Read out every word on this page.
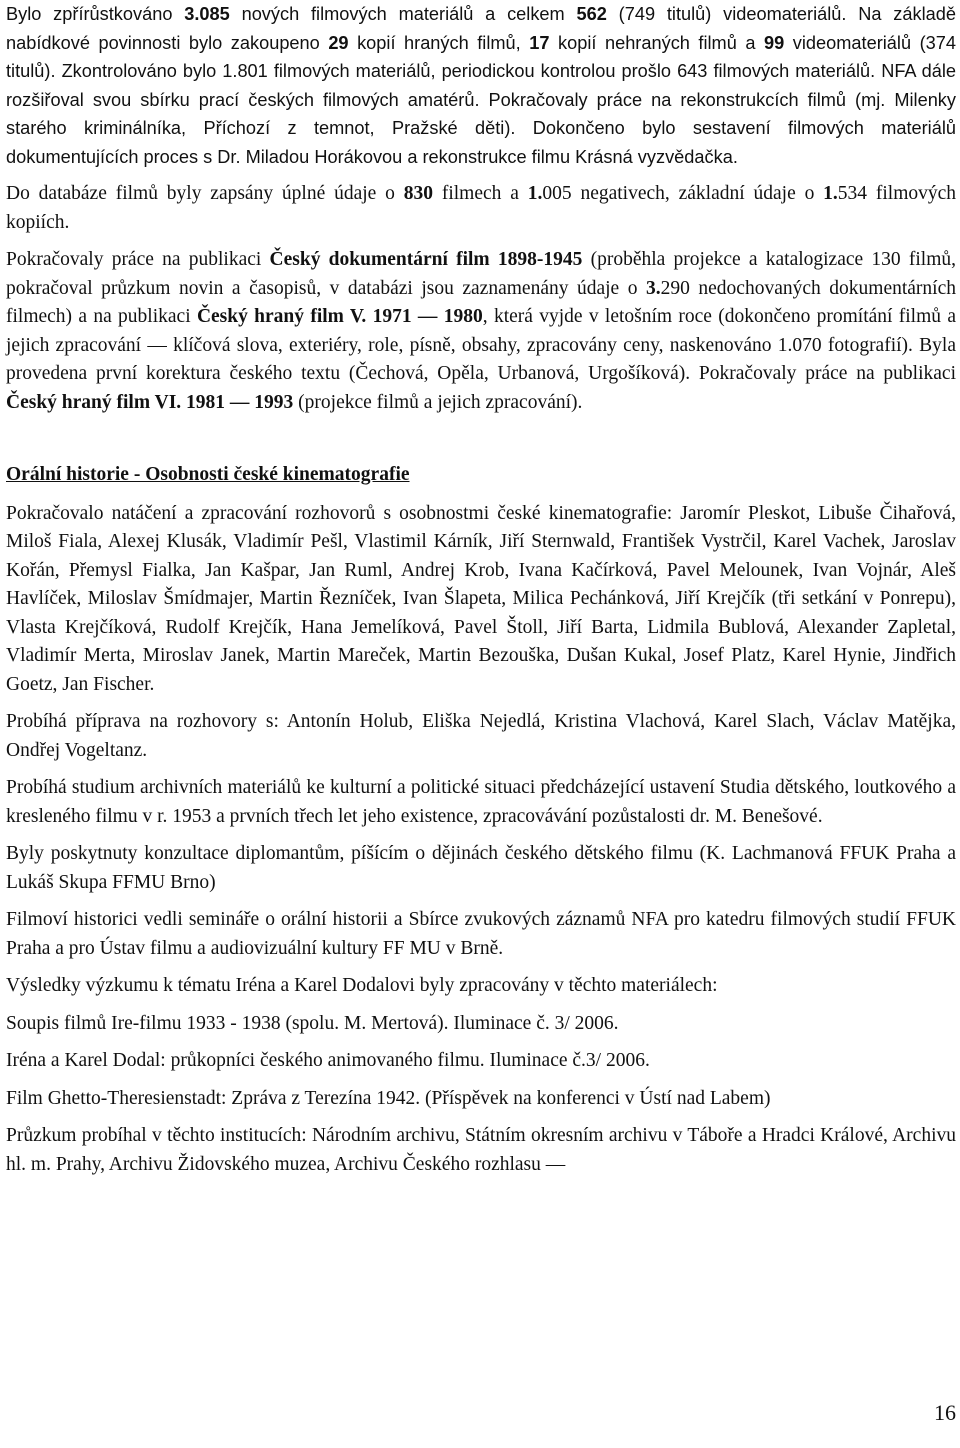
Bylo zpřírůstkováno 3.085 nových filmových materiálů a celkem 562 (749 titulů) videomateriálů. Na základě nabídkové povinnosti bylo zakoupeno 29 kopií hraných filmů, 17 kopií nehraných filmů a 99 videomateriálů (374 titulů). Zkontrolováno bylo 1.801 filmových materiálů, periodickou kontrolou prošlo 643 filmových materiálů. NFA dále rozšiřoval svou sbírku prací českých filmových amatérů. Pokračovaly práce na rekonstrukcích filmů (mj. Milenky starého kriminálníka, Příchozí z temnot, Pražské děti). Dokončeno bylo sestavení filmových materiálů dokumentujících proces s Dr. Miladou Horákovou a rekonstrukce filmu Krásná vyzvědačka.

Do databáze filmů byly zapsány úplné údaje o 830 filmech a 1.005 negativech, základní údaje o 1.534 filmových kopiích.

Pokračovaly práce na publikaci Český dokumentární film 1898-1945 (proběhla projekce a katalogizace 130 filmů, pokračoval průzkum novin a časopisů, v databázi jsou zaznamenány údaje o 3.290 nedochovaných dokumentárních filmech) a na publikaci Český hraný film V. 1971 — 1980, která vyjde v letošním roce (dokončeno promítání filmů a jejich zpracování — klíčová slova, exteriéry, role, písně, obsahy, zpracovány ceny, naskenováno 1.070 fotografií). Byla provedena první korektura českého textu (Čechová, Opěla, Urbanová, Urgošíková). Pokračovaly práce na publikaci Český hraný film VI. 1981 — 1993 (projekce filmů a jejich zpracování).

Orální historie - Osobnosti české kinematografie

Pokračovalo natáčení a zpracování rozhovorů s osobnostmi české kinematografie: Jaromír Pleskot, Libuše Čihařová, Miloš Fiala, Alexej Klusák, Vladimír Pešl, Vlastimil Kárník, Jiří Sternwald, František Vystrčil, Karel Vachek, Jaroslav Kořán, Přemysl Fialka, Jan Kašpar, Jan Ruml, Andrej Krob, Ivana Kačírková, Pavel Melounek, Ivan Vojnár, Aleš Havlíček, Miloslav Šmídmajer, Martin Řezníček, Ivan Šlapeta, Milica Pechánková, Jiří Krejčík (tři setkání v Ponrepu), Vlasta Krejčíková, Rudolf Krejčík, Hana Jemelíková, Pavel Štoll, Jiří Barta, Lidmila Bublová, Alexander Zapletal, Vladimír Merta, Miroslav Janek, Martin Mareček, Martin Bezouška, Dušan Kukal, Josef Platz, Karel Hynie, Jindřich Goetz, Jan Fischer.

Probíhá příprava na rozhovory s: Antonín Holub, Eliška Nejedlá, Kristina Vlachová, Karel Slach, Václav Matějka, Ondřej Vogeltanz.

Probíhá studium archivních materiálů ke kulturní a politické situaci předcházející ustavení Studia dětského, loutkového a kresleného filmu v r. 1953 a prvních třech let jeho existence, zpracovávání pozůstalosti dr. M. Benešové.

Byly poskytnuty konzultace diplomantům, píšícím o dějinách českého dětského filmu (K. Lachmanová FFUK Praha a Lukáš Skupa FFMU Brno)

Filmoví historici vedli semináře o orální historii a Sbírce zvukových záznamů NFA pro katedru filmových studií FFUK Praha a pro Ústav filmu a audiovizuální kultury FF MU v Brně.

Výsledky výzkumu k tématu Iréna a Karel Dodalovi byly zpracovány v těchto materiálech:

Soupis filmů Ire-filmu 1933 - 1938 (spolu. M. Mertová). Iluminace č. 3/ 2006.

Iréna a Karel Dodal: průkopníci českého animovaného filmu. Iluminace č.3/ 2006.

Film Ghetto-Theresienstadt: Zpráva z Terezína 1942. (Příspěvek na konferenci v Ústí nad Labem)

Průzkum probíhal v těchto institucích: Národním archivu, Státním okresním archivu v Táboře a Hradci Králové, Archivu hl. m. Prahy, Archivu Židovského muzea, Archivu Českého rozhlasu —

16
